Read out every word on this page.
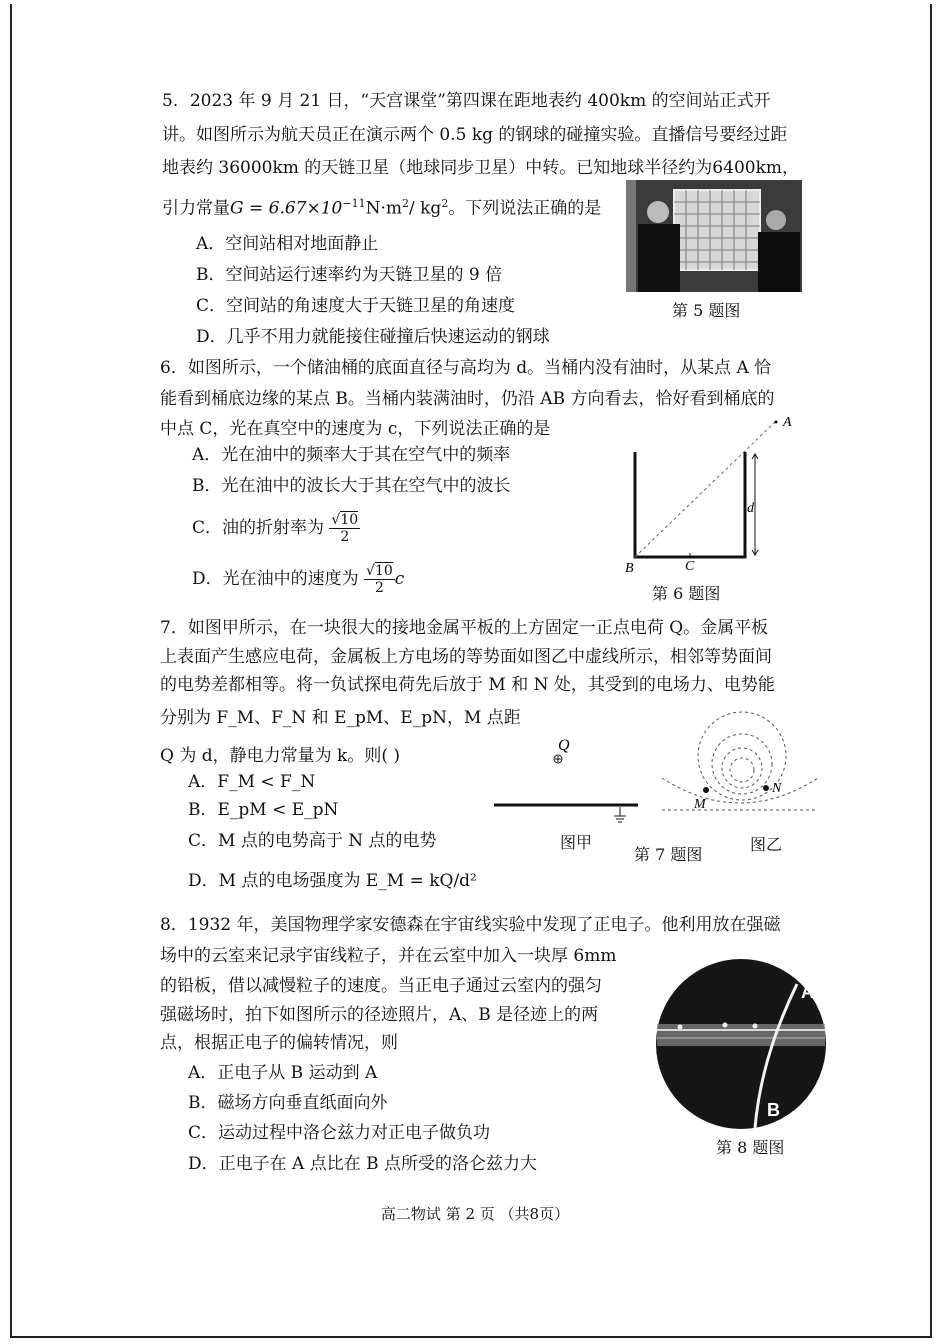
5．2023 年 9 月 21 日，“天宫课堂”第四课在距地表约 400km 的空间站正式开
讲。如图所示为航天员正在演示两个 0.5 kg 的钢球的碰撞实验。直播信号要经过距
地表约 36000km 的天链卫星（地球同步卫星）中转。已知地球半径约为6400km，
引力常量$G = 6.67\times 10^{-11}N\cdot m^2/$ $kg^2$。下列说法正确的是
A．空间站相对地面静止
B．空间站运行速率约为天链卫星的 9 倍
C．空间站的角速度大于天链卫星的角速度
D．几乎不用力就能接住碰撞后快速运动的钢球
第 5 题图
6．如图所示，一个储油桶的底面直径与高均为 d。当桶内没有油时，从某点 A 恰
能看到桶底边缘的某点 B。当桶内装满油时，仍沿 AB 方向看去，恰好看到桶底的
中点 C，光在真空中的速度为 c，下列说法正确的是
A．光在油中的频率大于其在空气中的频率
B．光在油中的波长大于其在空气中的波长
C．油的折射率为 $\frac{√10}{2}$
D．光在油中的速度为 $\frac{√10}{2}$ c
A
B	C
d
第 6 题图
7．如图甲所示，在一块很大的接地金属平板的上方固定一正点电荷 Q。金属平板
上表面产生感应电荷，金属板上方电场的等势面如图乙中虚线所示，相邻等势面间
的电势差都相等。将一负试探电荷先后放于 M 和 N 处，其受到的电场力、电势能
分别为 F_M、F_N 和 E_pM、E_pN，M 点距
Q 为 d，静电力常量为 k。则( )
A．F_M < F_N
B．E_pM < E_pN
C．M 点的电势高于 N 点的电势
D．M 点的电场强度为 E_M = kQ/d²
Q
图甲
第 7 题图
M
N
图乙
8．1932 年，美国物理学家安德森在宇宙线实验中发现了正电子。他利用放在强磁
场中的云室来记录宇宙线粒子，并在云室中加入一块厚 6mm
的铅板，借以减慢粒子的速度。当正电子通过云室内的强匀
强磁场时，拍下如图所示的径迹照片，A、B 是径迹上的两
点，根据正电子的偏转情况，则
A．正电子从 B 运动到 A
B．磁场方向垂直纸面向外
C．运动过程中洛仑兹力对正电子做负功
D．正电子在 A 点比在 B 点所受的洛仑兹力大
A
B
第 8 题图
高二物试 第 2 页 （共8页）
